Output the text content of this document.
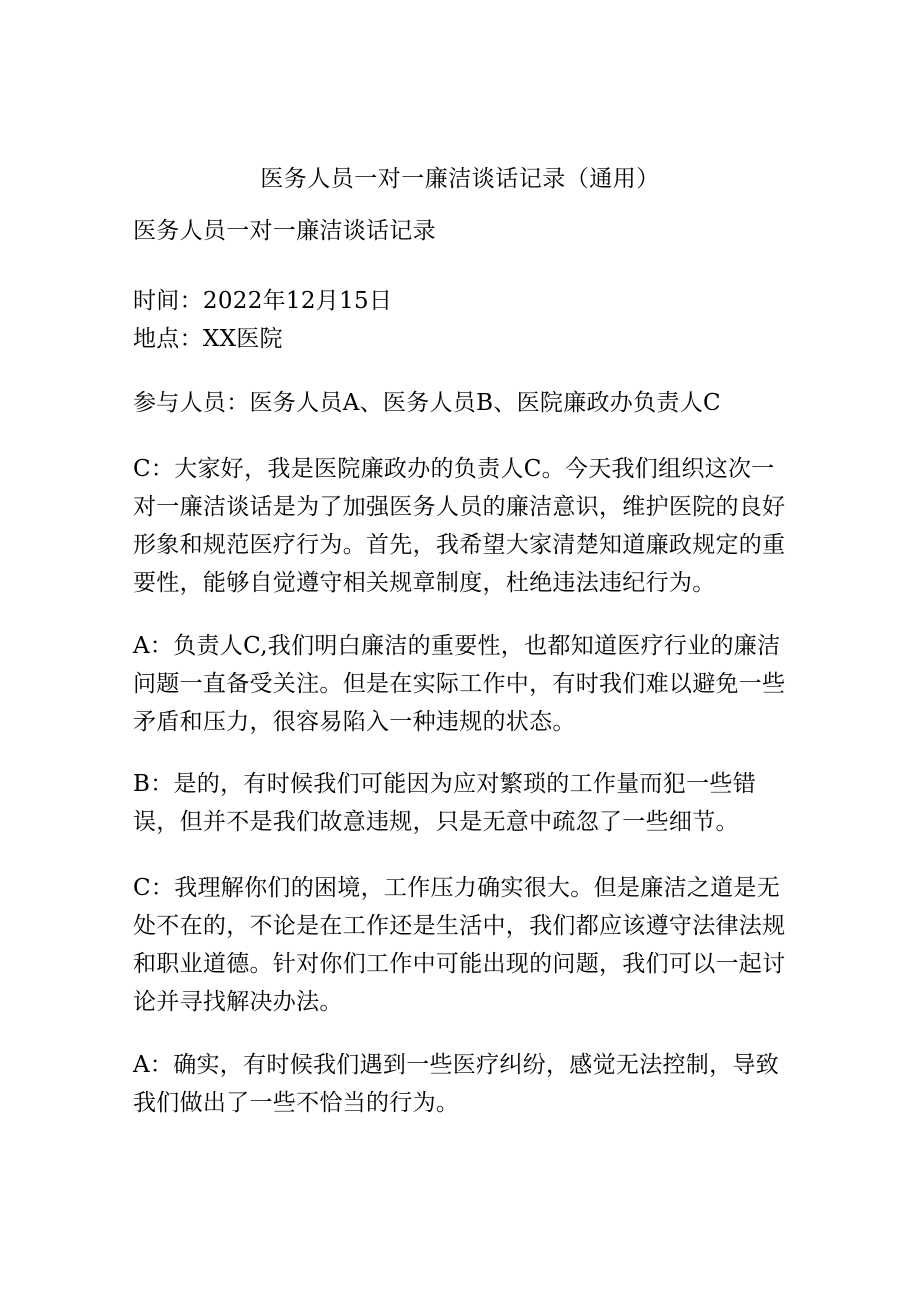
医务人员一对一廉洁谈话记录（通用）
医务人员一对一廉洁谈话记录
时间：2022年12月15日
地点：XX医院
参与人员：医务人员A、医务人员B、医院廉政办负责人C
C：大家好，我是医院廉政办的负责人C。今天我们组织这次一
对一廉洁谈话是为了加强医务人员的廉洁意识，维护医院的良好
形象和规范医疗行为。首先，我希望大家清楚知道廉政规定的重
要性，能够自觉遵守相关规章制度，杜绝违法违纪行为。
A：负责人C,我们明白廉洁的重要性，也都知道医疗行业的廉洁
问题一直备受关注。但是在实际工作中，有时我们难以避免一些
矛盾和压力，很容易陷入一种违规的状态。
B：是的，有时候我们可能因为应对繁琐的工作量而犯一些错
误，但并不是我们故意违规，只是无意中疏忽了一些细节。
C：我理解你们的困境，工作压力确实很大。但是廉洁之道是无
处不在的，不论是在工作还是生活中，我们都应该遵守法律法规
和职业道德。针对你们工作中可能出现的问题，我们可以一起讨
论并寻找解决办法。
A：确实，有时候我们遇到一些医疗纠纷，感觉无法控制，导致
我们做出了一些不恰当的行为。
